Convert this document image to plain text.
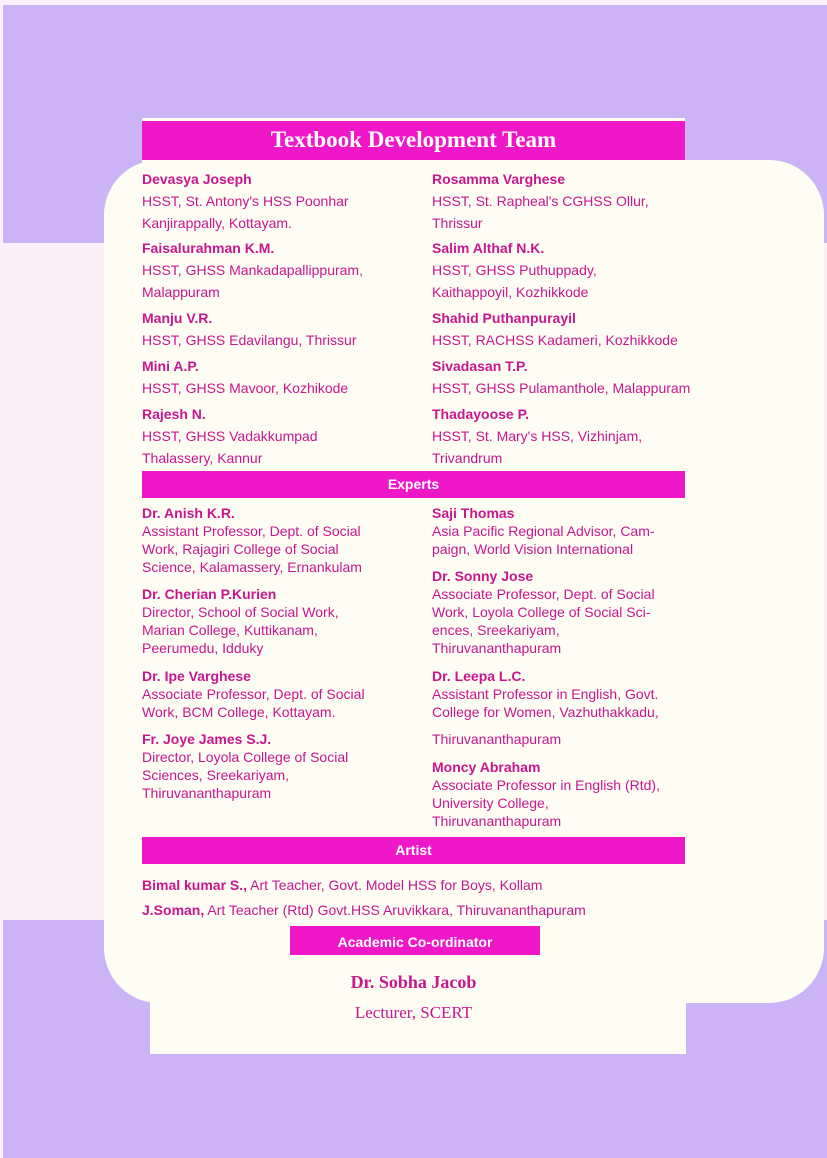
Textbook Development Team
Devasya Joseph
HSST, St. Antony's HSS Poonhar
Kanjirappally, Kottayam.
Faisalurahman K.M.
HSST, GHSS Mankadapallippuram,
Malappuram
Manju V.R.
HSST, GHSS Edavilangu, Thrissur
Mini A.P.
HSST, GHSS Mavoor, Kozhikode
Rajesh N.
HSST, GHSS Vadakkumpad
Thalassery, Kannur
Rosamma Varghese
HSST, St. Rapheal's CGHSS Ollur,
Thrissur
Salim Althaf N.K.
HSST, GHSS Puthuppady,
Kaithappoyil, Kozhikkode
Shahid Puthanpurayil
HSST, RACHSS Kadameri, Kozhikkode
Sivadasan T.P.
HSST, GHSS Pulamanthole, Malappuram
Thadayoose P.
HSST, St. Mary's HSS, Vizhinjam,
Trivandrum
Experts
Dr. Anish K.R.
Assistant Professor, Dept. of Social
Work, Rajagiri College of Social
Science, Kalamassery, Ernankulam
Dr. Cherian P.Kurien
Director, School of Social Work,
Marian College, Kuttikanam,
Peerumedu, Idduky
Dr. Ipe Varghese
Associate Professor, Dept. of Social
Work, BCM College, Kottayam.
Fr. Joye James S.J.
Director, Loyola College of Social
Sciences, Sreekariyam,
Thiruvananthapuram
Saji Thomas
Asia Pacific Regional Advisor, Cam-
paign, World Vision International
Dr. Sonny Jose
Associate Professor, Dept. of Social
Work, Loyola College of Social Sci-
ences, Sreekariyam,
Thiruvananthapuram
Dr. Leepa L.C.
Assistant Professor in English, Govt.
College for Women, Vazhuthakkadu,
Thiruvananthapuram
Moncy Abraham
Associate Professor in English (Rtd),
University College,
Thiruvananthapuram
Artist
Bimal kumar S., Art Teacher, Govt. Model HSS for Boys, Kollam
J.Soman, Art Teacher (Rtd) Govt.HSS Aruvikkara, Thiruvananthapuram
Academic Co-ordinator
Dr. Sobha Jacob
Lecturer, SCERT
